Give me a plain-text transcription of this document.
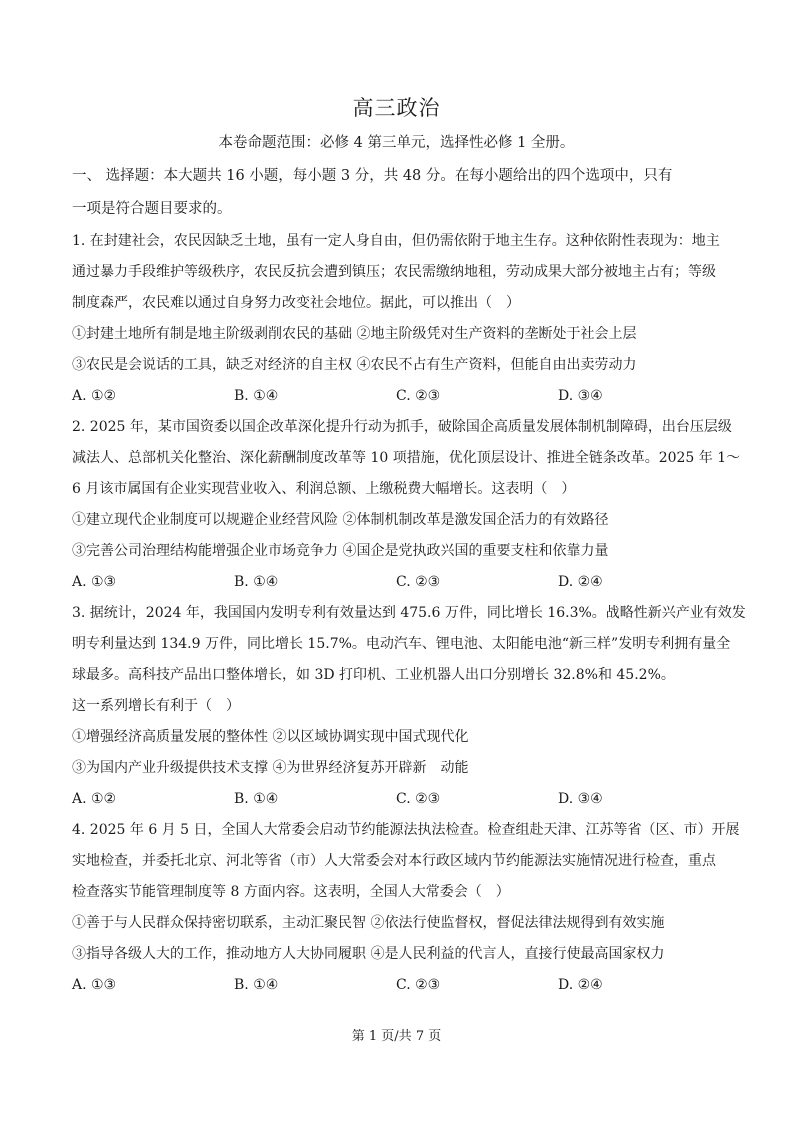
高三政治
本卷命题范围：必修 4 第三单元，选择性必修 1 全册。
一、 选择题：本大题共 16 小题，每小题 3 分，共 48 分。在每小题给出的四个选项中，只有
一项是符合题目要求的。
1. 在封建社会，农民因缺乏土地，虽有一定人身自由，但仍需依附于地主生存。这种依附性表现为：地主
通过暴力手段维护等级秩序，农民反抗会遭到镇压；农民需缴纳地租，劳动成果大部分被地主占有；等级
制度森严，农民难以通过自身努力改变社会地位。据此，可以推出（　）
①封建土地所有制是地主阶级剥削农民的基础 ②地主阶级凭对生产资料的垄断处于社会上层
③农民是会说话的工具，缺乏对经济的自主权 ④农民不占有生产资料，但能自由出卖劳动力
A. ①②	B. ①④	C. ②③	D. ③④
2. 2025 年，某市国资委以国企改革深化提升行动为抓手，破除国企高质量发展体制机制障碍，出台压层级
减法人、总部机关化整治、深化薪酬制度改革等 10 项措施，优化顶层设计、推进全链条改革。2025 年 1～
6 月该市属国有企业实现营业收入、利润总额、上缴税费大幅增长。这表明（　）
①建立现代企业制度可以规避企业经营风险 ②体制机制改革是激发国企活力的有效路径
③完善公司治理结构能增强企业市场竞争力 ④国企是党执政兴国的重要支柱和依靠力量
A. ①③	B. ①④	C. ②③	D. ②④
3. 据统计，2024 年，我国国内发明专利有效量达到 475.6 万件，同比增长 16.3%。战略性新兴产业有效发
明专利量达到 134.9 万件，同比增长 15.7%。电动汽车、锂电池、太阳能电池“新三样”发明专利拥有量全
球最多。高科技产品出口整体增长，如 3D 打印机、工业机器人出口分别增长 32.8%和 45.2%。
这一系列增长有利于（　）
①增强经济高质量发展的整体性 ②以区域协调实现中国式现代化
③为国内产业升级提供技术支撑 ④为世界经济复苏开辟新　动能
A. ①②	B. ①④	C. ②③	D. ③④
4. 2025 年 6 月 5 日，全国人大常委会启动节约能源法执法检查。检查组赴天津、江苏等省（区、市）开展
实地检查，并委托北京、河北等省（市）人大常委会对本行政区域内节约能源法实施情况进行检查，重点
检查落实节能管理制度等 8 方面内容。这表明，全国人大常委会（　）
①善于与人民群众保持密切联系，主动汇聚民智 ②依法行使监督权，督促法律法规得到有效实施
③指导各级人大的工作，推动地方人大协同履职 ④是人民利益的代言人，直接行使最高国家权力
A. ①③	B. ①④	C. ②③	D. ②④
第 1 页/共 7 页
